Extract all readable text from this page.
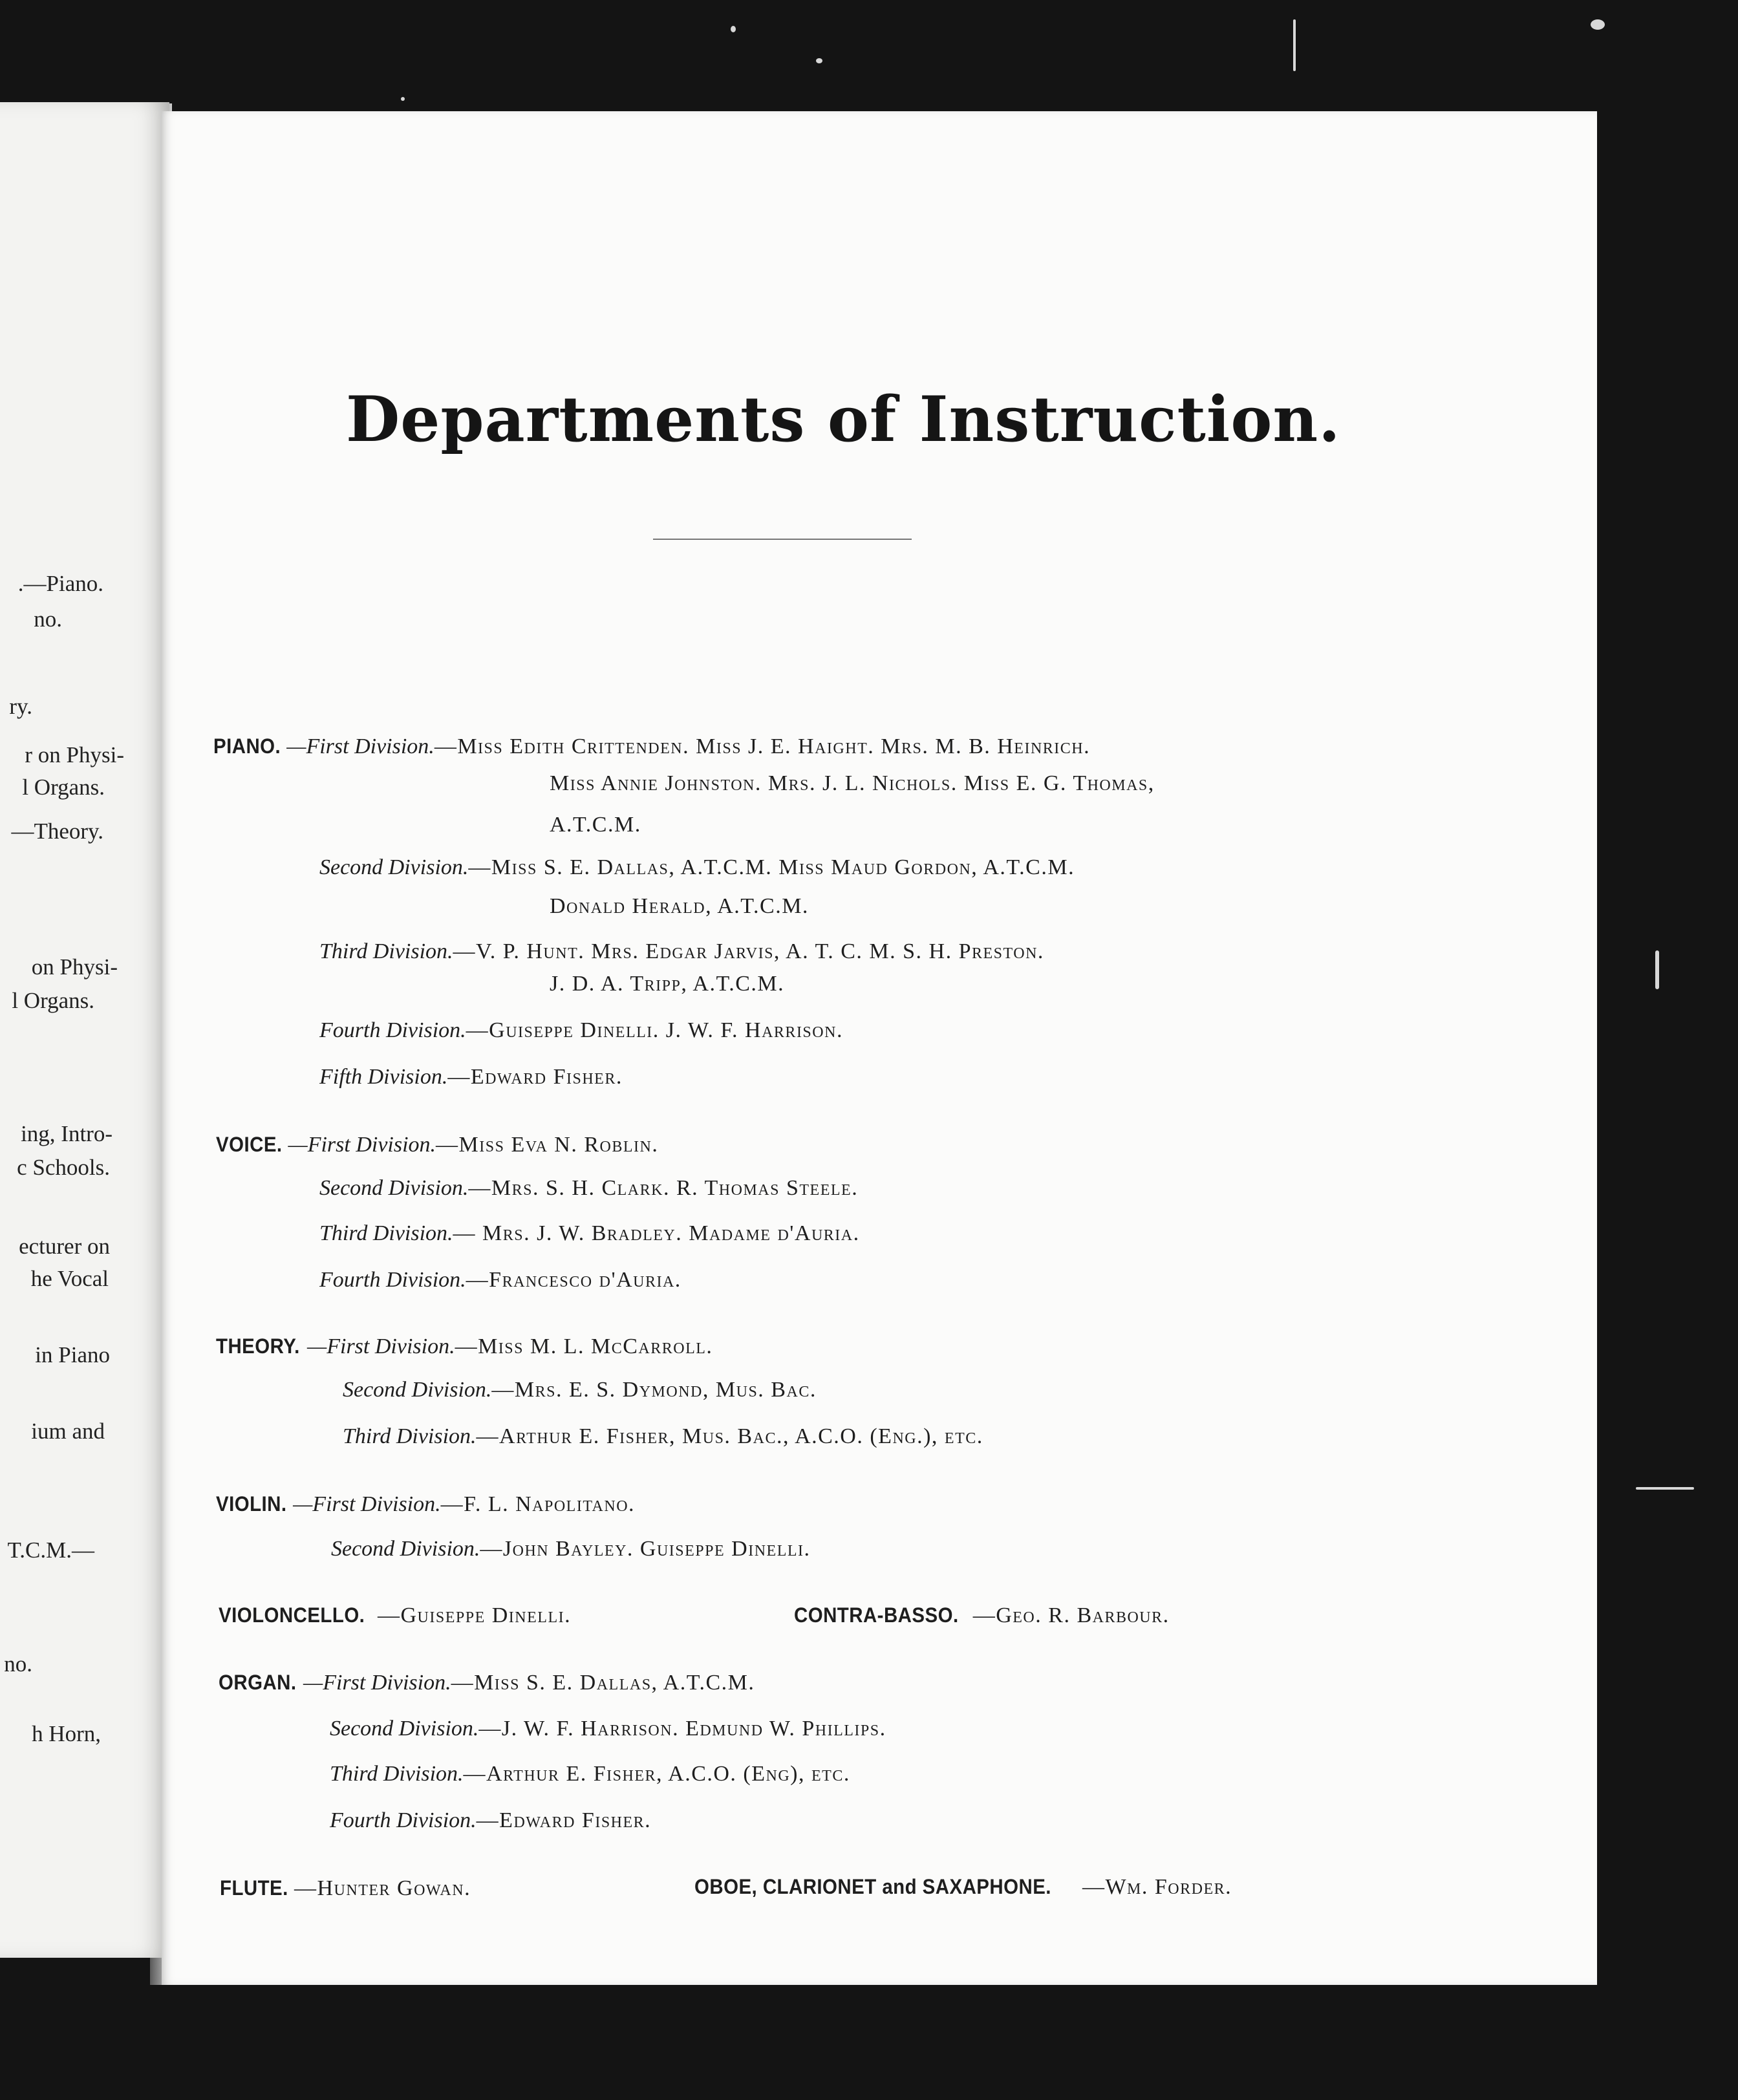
.—Piano.
no.
ry.
r on Physi-
l Organs.
—Theory.
on Physi-
l Organs.
ing, Intro-
c Schools.
ecturer on
he Vocal
in Piano
ium and
T.C.M.—
no.
h Horn,
Departments of Instruction.
PIANO. —First Division.—Miss Edith Crittenden. Miss J. E. Haight. Mrs. M. B. Heinrich.
Miss Annie Johnston. Mrs. J. L. Nichols. Miss E. G. Thomas,
A.T.C.M.
Second Division.—Miss S. E. Dallas, A.T.C.M. Miss Maud Gordon, A.T.C.M.
Donald Herald, A.T.C.M.
Third Division.—V. P. Hunt. Mrs. Edgar Jarvis, A. T. C. M. S. H. Preston.
J. D. A. Tripp, A.T.C.M.
Fourth Division.—Guiseppe Dinelli. J. W. F. Harrison.
Fifth Division.—Edward Fisher.
VOICE. —First Division.—Miss Eva N. Roblin.
Second Division.—Mrs. S. H. Clark. R. Thomas Steele.
Third Division.— Mrs. J. W. Bradley. Madame d'Auria.
Fourth Division.—Francesco d'Auria.
THEORY. —First Division.—Miss M. L. McCarroll.
Second Division.—Mrs. E. S. Dymond, Mus. Bac.
Third Division.—Arthur E. Fisher, Mus. Bac., A.C.O. (Eng.), etc.
VIOLIN. —First Division.—F. L. Napolitano.
Second Division.—John Bayley. Guiseppe Dinelli.
VIOLONCELLO. —Guiseppe Dinelli.	CONTRA-BASSO. —Geo. R. Barbour.
ORGAN. —First Division.—Miss S. E. Dallas, A.T.C.M.
Second Division.—J. W. F. Harrison. Edmund W. Phillips.
Third Division.—Arthur E. Fisher, A.C.O. (Eng), etc.
Fourth Division.—Edward Fisher.
FLUTE. —Hunter Gowan.	OBOE, CLARIONET and SAXAPHONE. —Wm. Forder.
